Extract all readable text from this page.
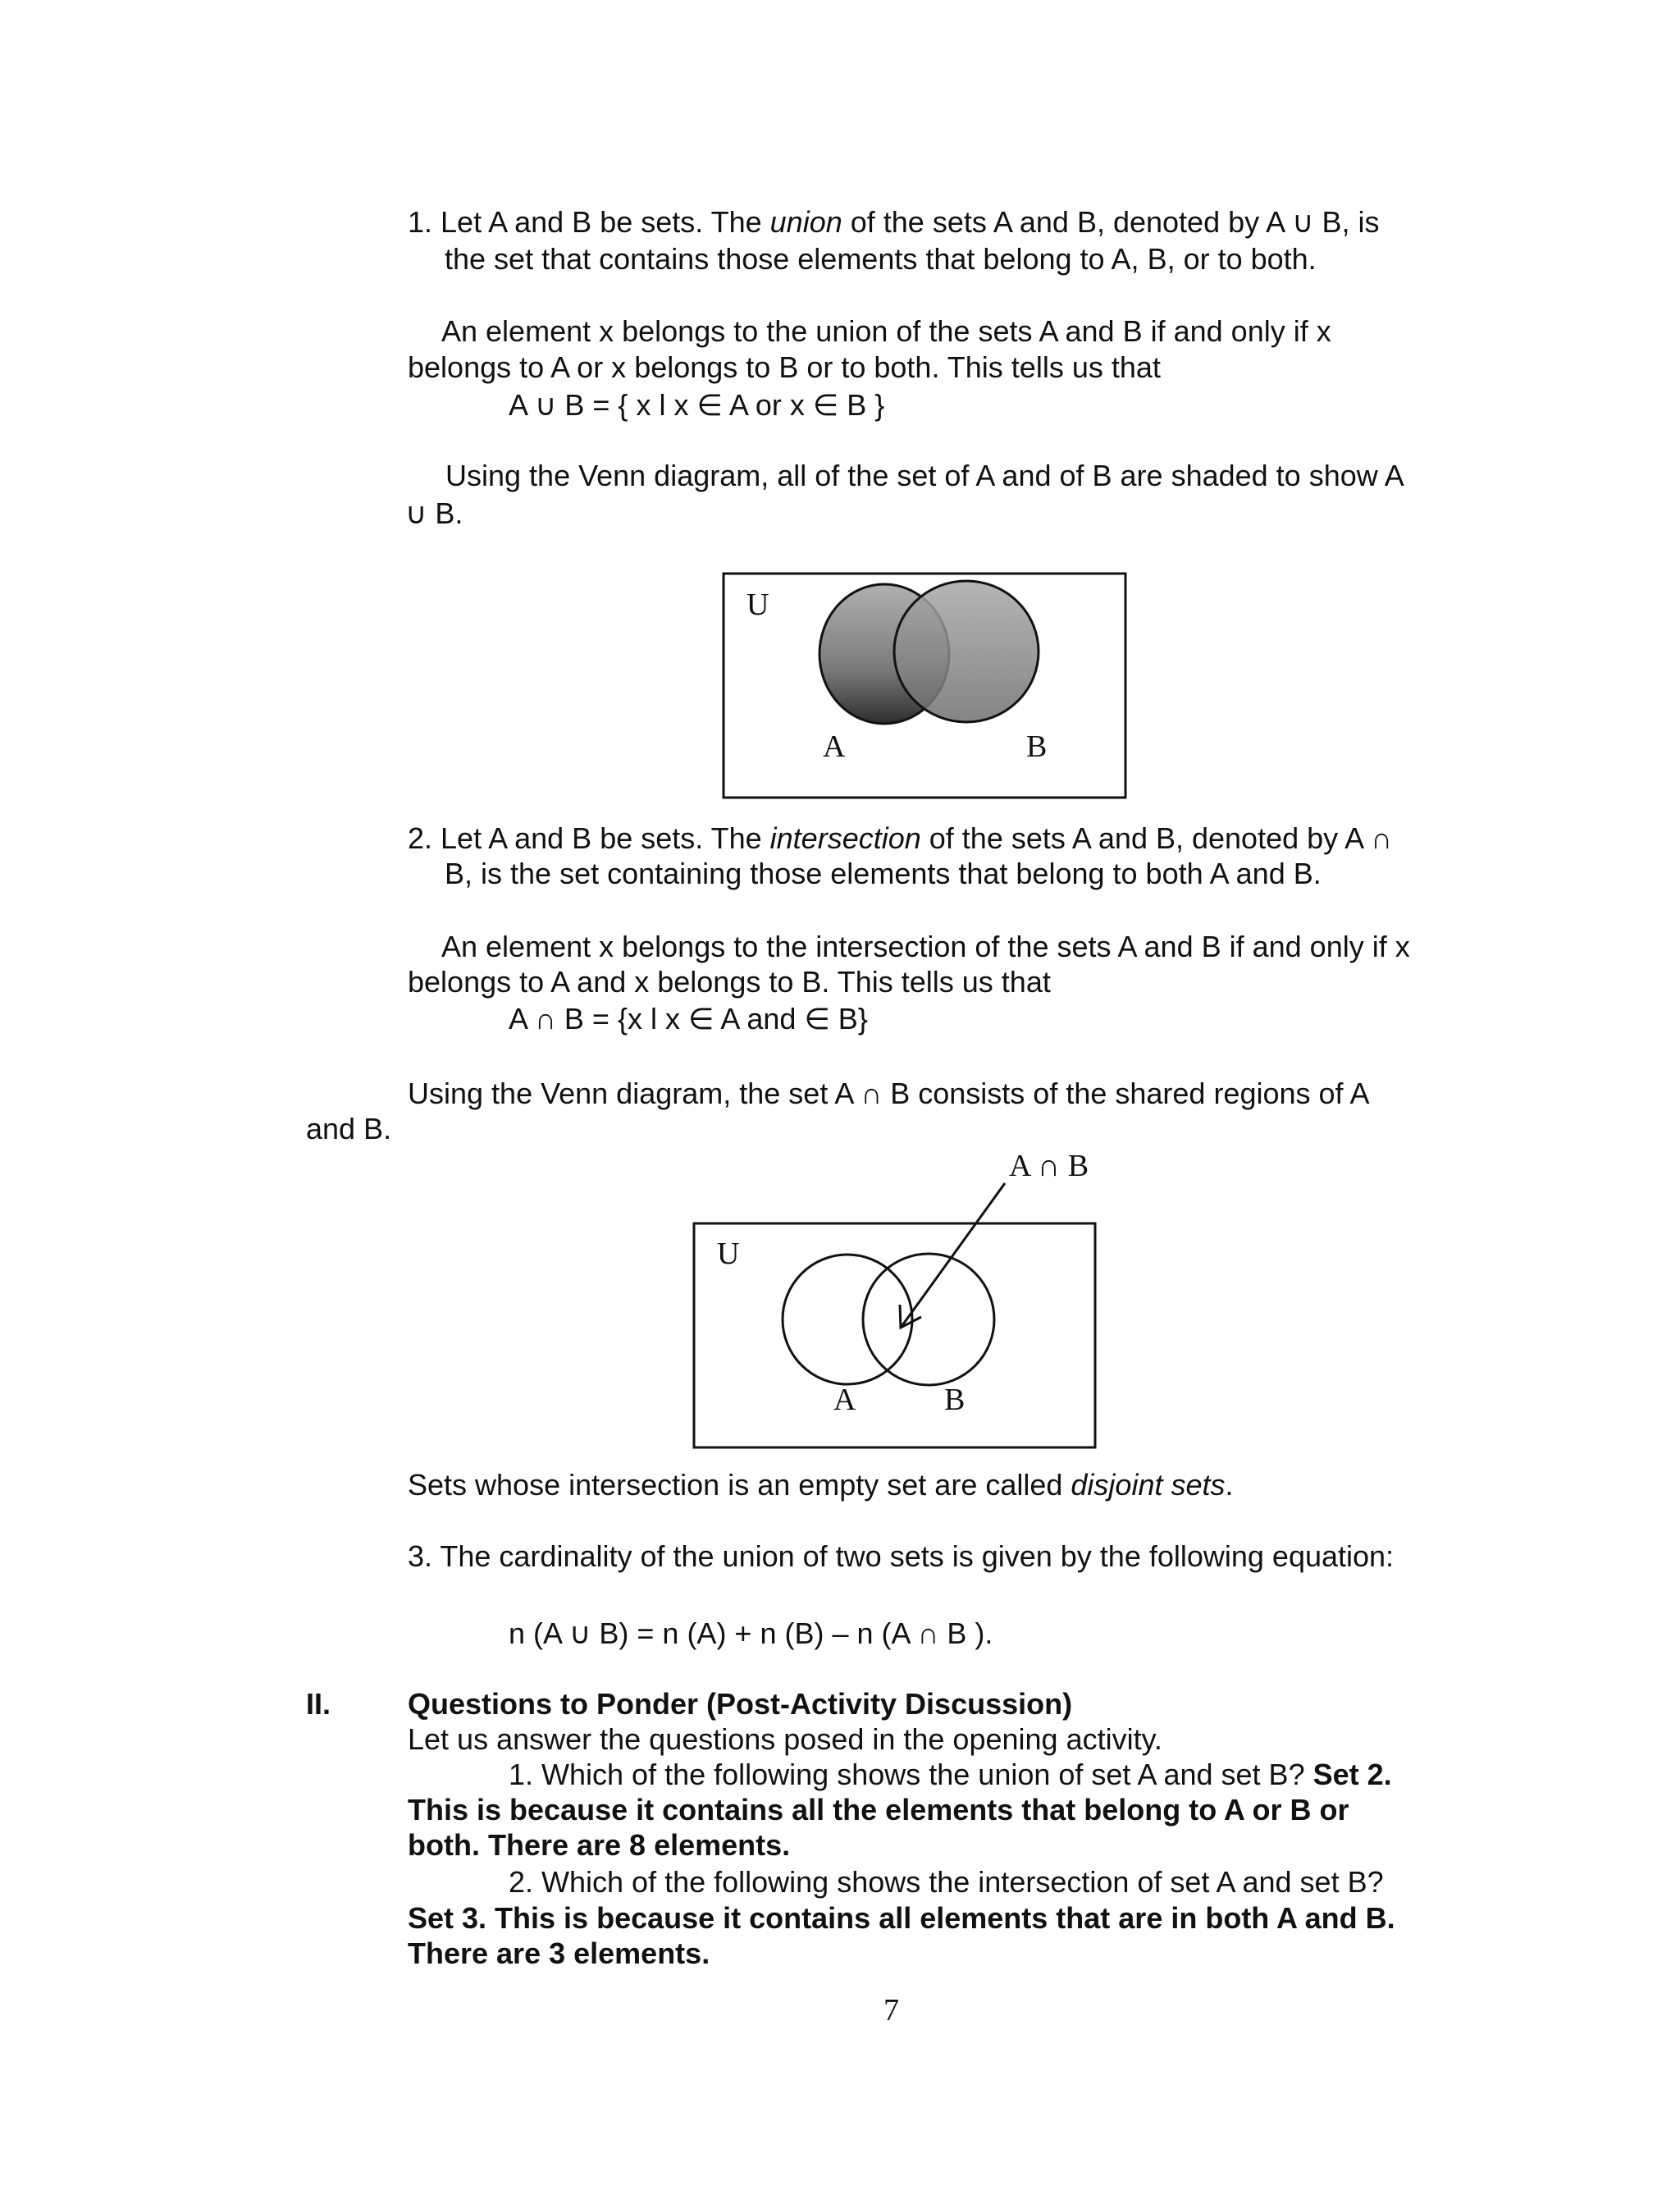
1. Let A and B be sets. The union of the sets A and B, denoted by A ∪ B, is

the set that contains those elements that belong to A, B, or to both.

An element x belongs to the union of the sets A and B if and only if x

belongs to A or x belongs to B or to both. This tells us that

A ∪ B = { x l x ∈ A or x ∈ B }

Using the Venn diagram, all of the set of A and of B are shaded to show A

∪ B.

U
A	B

2. Let A and B be sets. The intersection of the sets A and B, denoted by A ∩

B, is the set containing those elements that belong to both A and B.

An element x belongs to the intersection of the sets A and B if and only if x

belongs to A and x belongs to B. This tells us that

A ∩ B = {x l x ∈ A and ∈ B}

Using the Venn diagram, the set A ∩ B consists of the shared regions of A

and B.

A ∩ B
U
A	B

Sets whose intersection is an empty set are called disjoint sets.

3. The cardinality of the union of two sets is given by the following equation:

n (A ∪ B) = n (A) + n (B) – n (A ∩ B ).

II.	Questions to Ponder (Post-Activity Discussion)

Let us answer the questions posed in the opening activity.

1. Which of the following shows the union of set A and set B? Set 2.

This is because it contains all the elements that belong to A or B or

both. There are 8 elements.

2. Which of the following shows the intersection of set A and set B?

Set 3. This is because it contains all elements that are in both A and B.

There are 3 elements.

7
